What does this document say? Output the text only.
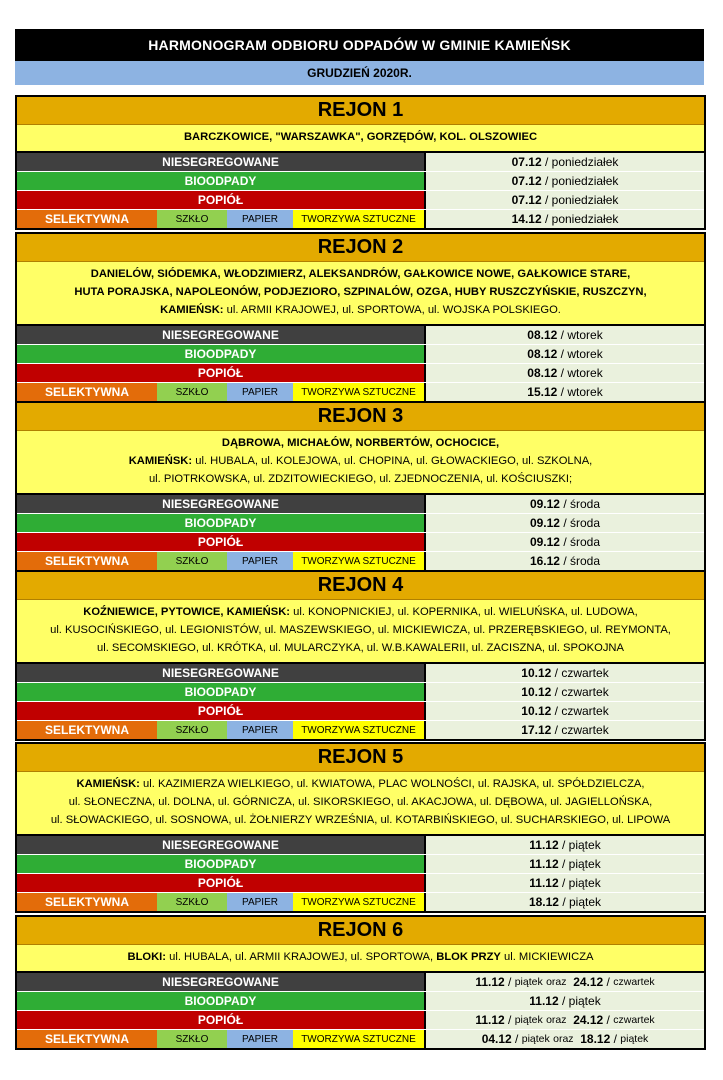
HARMONOGRAM ODBIORU ODPADÓW W GMINIE KAMIEŃSK
GRUDZIEŃ 2020R.
REJON 1
BARCZKOWICE, "WARSZAWKA", GORZĘDÓW, KOL. OLSZOWIEC
NIESEGREGOWANE	07.12 / poniedziałek
BIOODPADY	07.12 / poniedziałek
POPIÓŁ	07.12 / poniedziałek
SELEKTYWNA	SZKŁO	PAPIER	TWORZYWA SZTUCZNE	14.12 / poniedziałek
REJON 2
DANIELÓW, SIÓDEMKA, WŁODZIMIERZ, ALEKSANDRÓW, GAŁKOWICE NOWE, GAŁKOWICE STARE,
HUTA PORAJSKA, NAPOLEONÓW, PODJEZIORO, SZPINALÓW, OZGA, HUBY RUSZCZYŃSKIE, RUSZCZYN,
KAMIEŃSK: ul. ARMII KRAJOWEJ, ul. SPORTOWA, ul. WOJSKA POLSKIEGO.
NIESEGREGOWANE	08.12 / wtorek
BIOODPADY	08.12 / wtorek
POPIÓŁ	08.12 / wtorek
SELEKTYWNA	SZKŁO	PAPIER	TWORZYWA SZTUCZNE	15.12 / wtorek
REJON 3
DĄBROWA, MICHAŁÓW, NORBERTÓW, OCHOCICE,
KAMIEŃSK: ul. HUBALA, ul. KOLEJOWA, ul. CHOPINA, ul. GŁOWACKIEGO, ul. SZKOLNA,
ul. PIOTRKOWSKA, ul. ZDZITOWIECKIEGO, ul. ZJEDNOCZENIA, ul. KOŚCIUSZKI;
NIESEGREGOWANE	09.12 / środa
BIOODPADY	09.12 / środa
POPIÓŁ	09.12 / środa
SELEKTYWNA	SZKŁO	PAPIER	TWORZYWA SZTUCZNE	16.12 / środa
REJON 4
KOŹNIEWICE, PYTOWICE, KAMIEŃSK: ul. KONOPNICKIEJ, ul. KOPERNIKA, ul. WIELUŃSKA, ul. LUDOWA,
ul. KUSOCIŃSKIEGO, ul. LEGIONISTÓW, ul. MASZEWSKIEGO, ul. MICKIEWICZA, ul. PRZERĘBSKIEGO, ul. REYMONTA,
ul. SECOMSKIEGO, ul. KRÓTKA, ul. MULARCZYKA, ul. W.B.KAWALERII, ul. ZACISZNA, ul. SPOKOJNA
NIESEGREGOWANE	10.12 / czwartek
BIOODPADY	10.12 / czwartek
POPIÓŁ	10.12 / czwartek
SELEKTYWNA	SZKŁO	PAPIER	TWORZYWA SZTUCZNE	17.12 / czwartek
REJON 5
KAMIEŃSK: ul. KAZIMIERZA WIELKIEGO, ul. KWIATOWA, PLAC WOLNOŚCI, ul. RAJSKA, ul. SPÓŁDZIELCZA,
ul. SŁONECZNA, ul. DOLNA, ul. GÓRNICZA, ul. SIKORSKIEGO, ul. AKACJOWA, ul. DĘBOWA, ul. JAGIELLOŃSKA,
ul. SŁOWACKIEGO, ul. SOSNOWA, ul. ŻOŁNIERZY WRZEŚNIA, ul. KOTARBIŃSKIEGO, ul. SUCHARSKIEGO, ul. LIPOWA
NIESEGREGOWANE	11.12 / piątek
BIOODPADY	11.12 / piątek
POPIÓŁ	11.12 / piątek
SELEKTYWNA	SZKŁO	PAPIER	TWORZYWA SZTUCZNE	18.12 / piątek
REJON 6
BLOKI: ul. HUBALA, ul. ARMII KRAJOWEJ, ul. SPORTOWA, BLOK PRZY ul. MICKIEWICZA
NIESEGREGOWANE	11.12 / piątek
oraz
24.12 / czwartek
BIOODPADY	11.12 / piątek
POPIÓŁ	11.12 / piątek
oraz
24.12 / czwartek
SELEKTYWNA	SZKŁO	PAPIER	TWORZYWA SZTUCZNE	04.12 / piątek
oraz
18.12 / piątek
